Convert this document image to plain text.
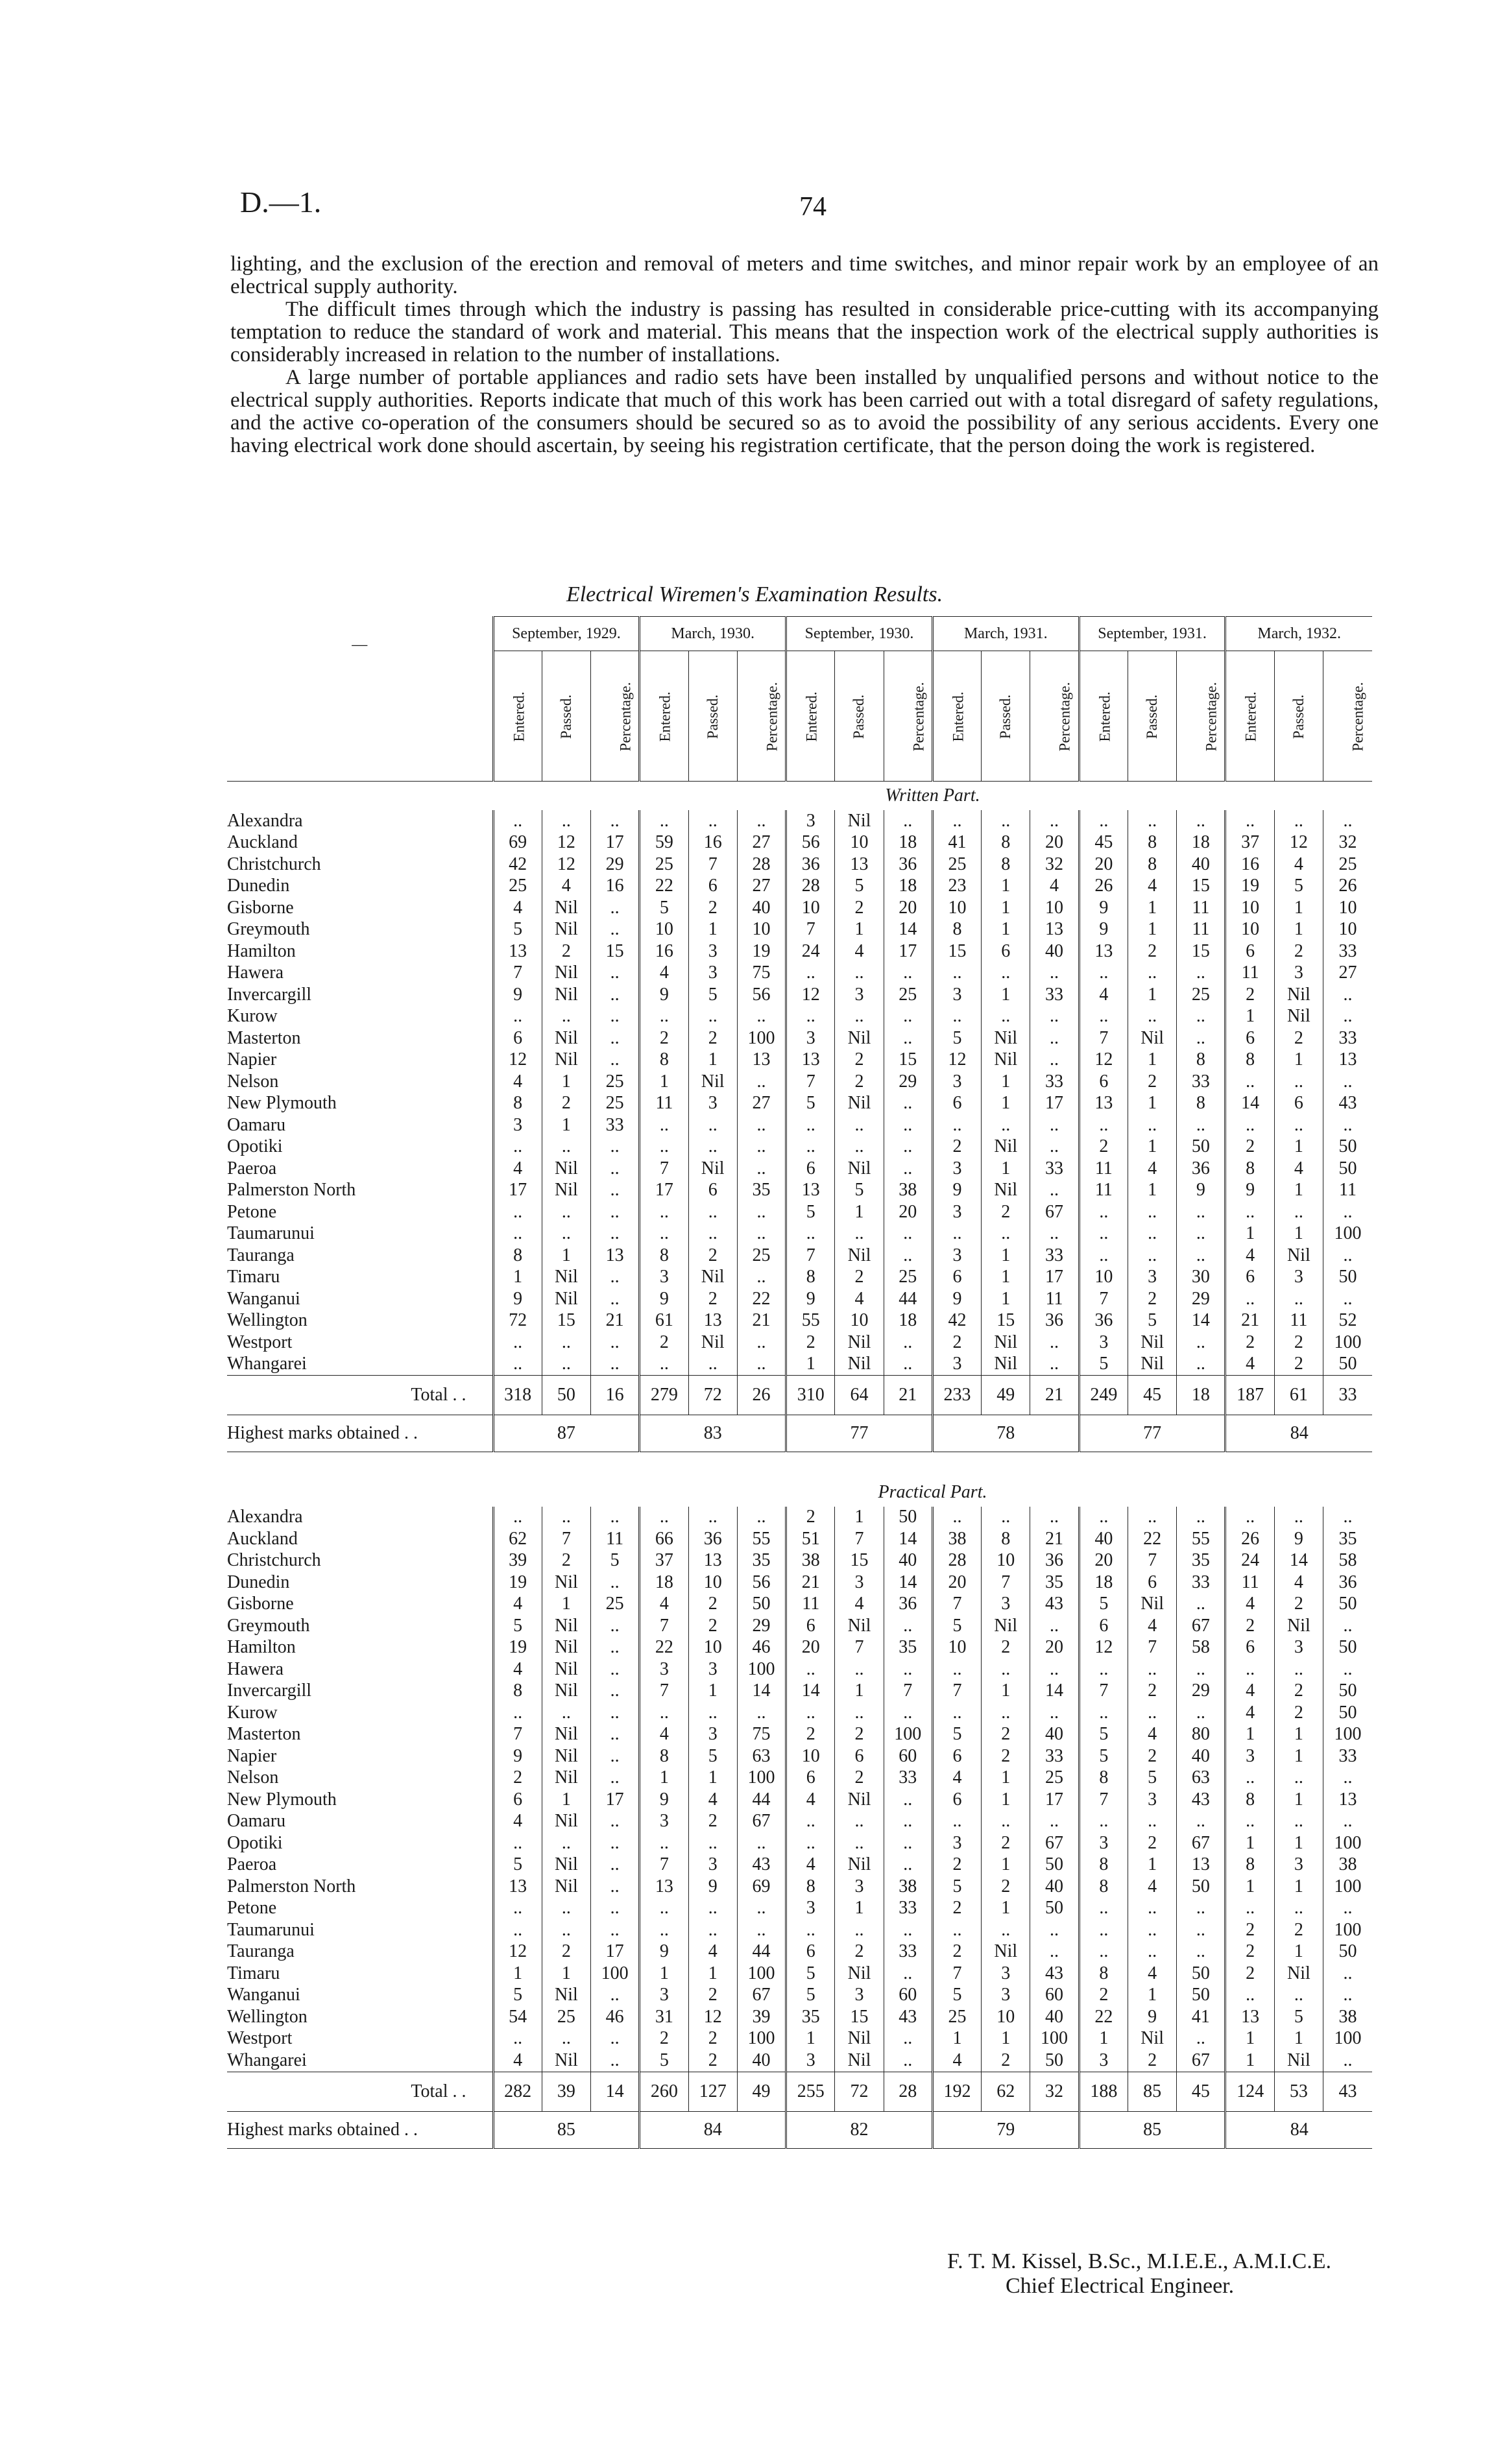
D.—1.	74

lighting, and the exclusion of the erection and removal of meters and time switches, and minor repair work by an employee of an electrical supply authority.

The difficult times through which the industry is passing has resulted in considerable price-cutting with its accompanying temptation to reduce the standard of work and material. This means that the inspection work of the electrical supply authorities is considerably increased in relation to the number of installations.

A large number of portable appliances and radio sets have been installed by unqualified persons and without notice to the electrical supply authorities. Reports indicate that much of this work has been carried out with a total disregard of safety regulations, and the active co-operation of the consumers should be secured so as to avoid the possibility of any serious accidents. Every one having electrical work done should ascertain, by seeing his registration certificate, that the person doing the work is registered.

Electrical Wiremen's Examination Results.
—	September, 1929.			March, 1930.			September, 1930.			March, 1931.			September, 1931.			March, 1932.		
	Entered.	Passed.	Percentage.	Entered.	Passed.	Percentage.	Entered.	Passed.	Percentage.	Entered.	Passed.	Percentage.	Entered.	Passed.	Percentage.	Entered.	Passed.	Percentage.
	Written Part.																	
Alexandra	..	..	..	..	..	..	3	Nil	..	..	..	..	..	..	..	..	..	..
Auckland	69	12	17	59	16	27	56	10	18	41	8	20	45	8	18	37	12	32
Christchurch	42	12	29	25	7	28	36	13	36	25	8	32	20	8	40	16	4	25
Dunedin	25	4	16	22	6	27	28	5	18	23	1	4	26	4	15	19	5	26
Gisborne	4	Nil	..	5	2	40	10	2	20	10	1	10	9	1	11	10	1	10
Greymouth	5	Nil	..	10	1	10	7	1	14	8	1	13	9	1	11	10	1	10
Hamilton	13	2	15	16	3	19	24	4	17	15	6	40	13	2	15	6	2	33
Hawera	7	Nil	..	4	3	75	..	..	..	..	..	..	..	..	..	11	3	27
Invercargill	9	Nil	..	9	5	56	12	3	25	3	1	33	4	1	25	2	Nil	..
Kurow	..	..	..	..	..	..	..	..	..	..	..	..	..	..	..	1	Nil	..
Masterton	6	Nil	..	2	2	100	3	Nil	..	5	Nil	..	7	Nil	..	6	2	33
Napier	12	Nil	..	8	1	13	13	2	15	12	Nil	..	12	1	8	8	1	13
Nelson	4	1	25	1	Nil	..	7	2	29	3	1	33	6	2	33	..	..	..
New Plymouth	8	2	25	11	3	27	5	Nil	..	6	1	17	13	1	8	14	6	43
Oamaru	3	1	33	..	..	..	..	..	..	..	..	..	..	..	..	..	..	..
Opotiki	..	..	..	..	..	..	..	..	..	2	Nil	..	2	1	50	2	1	50
Paeroa	4	Nil	..	7	Nil	..	6	Nil	..	3	1	33	11	4	36	8	4	50
Palmerston North	17	Nil	..	17	6	35	13	5	38	9	Nil	..	11	1	9	9	1	11
Petone	..	..	..	..	..	..	5	1	20	3	2	67	..	..	..	..	..	..
Taumarunui	..	..	..	..	..	..	..	..	..	..	..	..	..	..	..	1	1	100
Tauranga	8	1	13	8	2	25	7	Nil	..	3	1	33	..	..	..	4	Nil	..
Timaru	1	Nil	..	3	Nil	..	8	2	25	6	1	17	10	3	30	6	3	50
Wanganui	9	Nil	..	9	2	22	9	4	44	9	1	11	7	2	29	..	..	..
Wellington	72	15	21	61	13	21	55	10	18	42	15	36	36	5	14	21	11	52
Westport	..	..	..	2	Nil	..	2	Nil	..	2	Nil	..	3	Nil	..	2	2	100
Whangarei	..	..	..	..	..	..	1	Nil	..	3	Nil	..	5	Nil	..	4	2	50
Total . .	318	50	16	279	72	26	310	64	21	233	49	21	249	45	18	187	61	33
Highest marks obtained . .	87			83			77			78			77			84		

	Practical Part.																	
Alexandra	..	..	..	..	..	..	2	1	50	..	..	..	..	..	..	..	..	..
Auckland	62	7	11	66	36	55	51	7	14	38	8	21	40	22	55	26	9	35
Christchurch	39	2	5	37	13	35	38	15	40	28	10	36	20	7	35	24	14	58
Dunedin	19	Nil	..	18	10	56	21	3	14	20	7	35	18	6	33	11	4	36
Gisborne	4	1	25	4	2	50	11	4	36	7	3	43	5	Nil	..	4	2	50
Greymouth	5	Nil	..	7	2	29	6	Nil	..	5	Nil	..	6	4	67	2	Nil	..
Hamilton	19	Nil	..	22	10	46	20	7	35	10	2	20	12	7	58	6	3	50
Hawera	4	Nil	..	3	3	100	..	..	..	..	..	..	..	..	..	..	..	..
Invercargill	8	Nil	..	7	1	14	14	1	7	7	1	14	7	2	29	4	2	50
Kurow	..	..	..	..	..	..	..	..	..	..	..	..	..	..	..	4	2	50
Masterton	7	Nil	..	4	3	75	2	2	100	5	2	40	5	4	80	1	1	100
Napier	9	Nil	..	8	5	63	10	6	60	6	2	33	5	2	40	3	1	33
Nelson	2	Nil	..	1	1	100	6	2	33	4	1	25	8	5	63	..	..	..
New Plymouth	6	1	17	9	4	44	4	Nil	..	6	1	17	7	3	43	8	1	13
Oamaru	4	Nil	..	3	2	67	..	..	..	..	..	..	..	..	..	..	..	..
Opotiki	..	..	..	..	..	..	..	..	..	3	2	67	3	2	67	1	1	100
Paeroa	5	Nil	..	7	3	43	4	Nil	..	2	1	50	8	1	13	8	3	38
Palmerston North	13	Nil	..	13	9	69	8	3	38	5	2	40	8	4	50	1	1	100
Petone	..	..	..	..	..	..	3	1	33	2	1	50	..	..	..	..	..	..
Taumarunui	..	..	..	..	..	..	..	..	..	..	..	..	..	..	..	2	2	100
Tauranga	12	2	17	9	4	44	6	2	33	2	Nil	..	..	..	..	2	1	50
Timaru	1	1	100	1	1	100	5	Nil	..	7	3	43	8	4	50	2	Nil	..
Wanganui	5	Nil	..	3	2	67	5	3	60	5	3	60	2	1	50	..	..	..
Wellington	54	25	46	31	12	39	35	15	43	25	10	40	22	9	41	13	5	38
Westport	..	..	..	2	2	100	1	Nil	..	1	1	100	1	Nil	..	1	1	100
Whangarei	4	Nil	..	5	2	40	3	Nil	..	4	2	50	3	2	67	1	Nil	..
Total . .	282	39	14	260	127	49	255	72	28	192	62	32	188	85	45	124	53	43
Highest marks obtained . .	85			84			82			79			85			84		

F. T. M. Kissel, B.Sc., M.I.E.E., A.M.I.C.E.
Chief Electrical Engineer.
